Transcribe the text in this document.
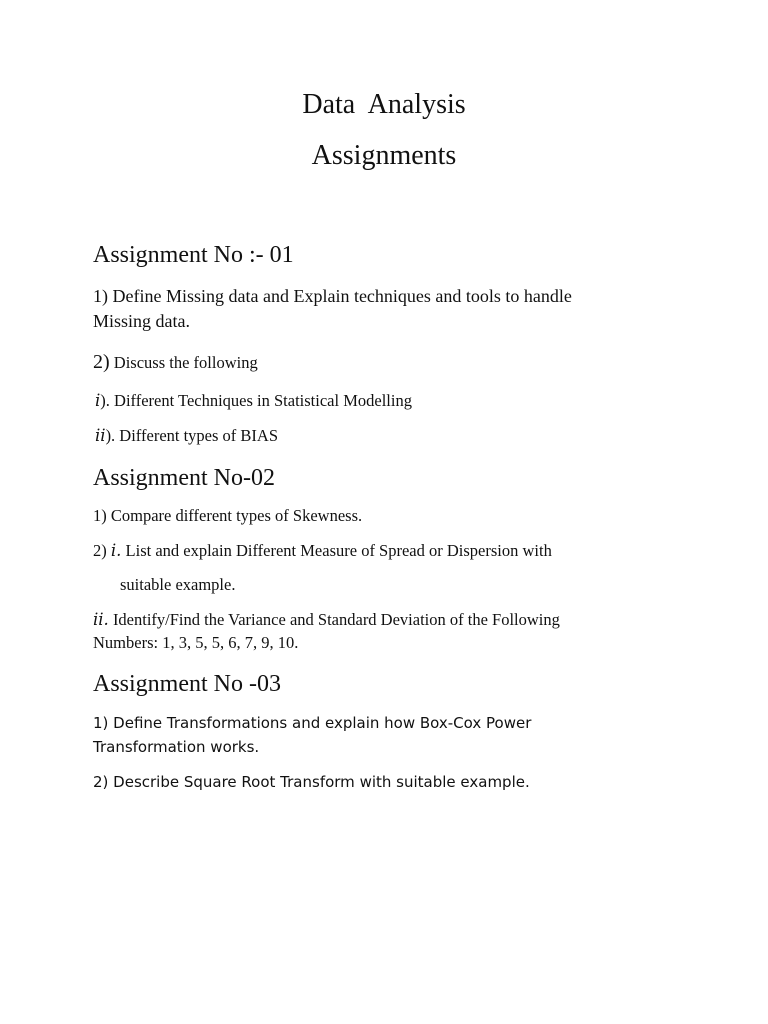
Data  Analysis
Assignments
Assignment No :- 01
1) Define Missing data and Explain techniques and tools to handle
Missing data.
2) Discuss the following
i). Different Techniques in Statistical Modelling
ii). Different types of BIAS
Assignment No-02
1) Compare different types of Skewness.
2) i. List and explain Different Measure of Spread or Dispersion with
suitable example.
ii. Identify/Find the Variance and Standard Deviation of the Following
Numbers: 1, 3, 5, 5, 6, 7, 9, 10.
Assignment No -03
1) Define Transformations and explain how Box-Cox Power
Transformation works.
2) Describe Square Root Transform with suitable example.
